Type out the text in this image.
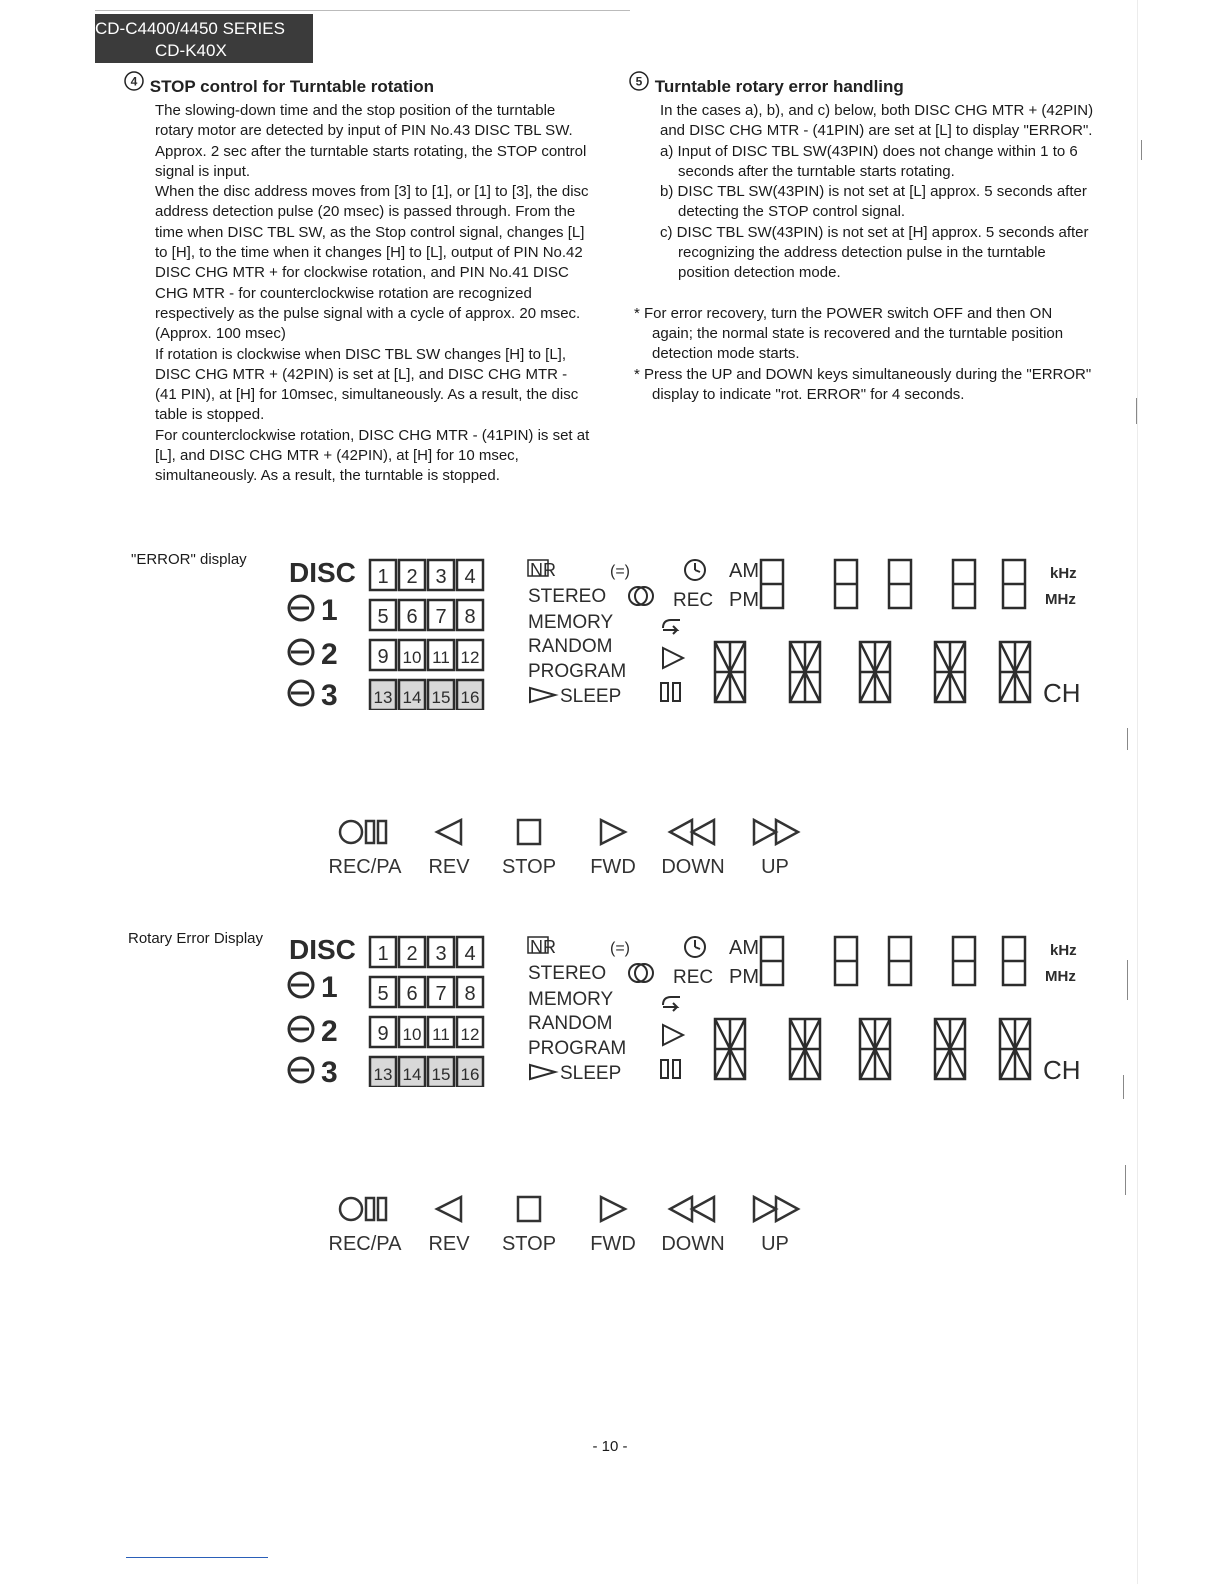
CD-C4400/4450 SERIES
CD-K40X
4 STOP control for Turntable rotation

The slowing-down time and the stop position of the turntable rotary motor are detected by input of PIN No.43 DISC TBL SW. Approx. 2 sec after the turntable starts rotating, the STOP control signal is input.

When the disc address moves from [3] to [1], or [1] to [3], the disc address detection pulse (20 msec) is passed through. From the time when DISC TBL SW, as the Stop control signal, changes [L] to [H], to the time when it changes [H] to [L], output of PIN No.42 DISC CHG MTR + for clockwise rotation, and PIN No.41 DISC CHG MTR - for counterclockwise rotation are recognized respectively as the pulse signal with a cycle of approx. 20 msec. (Approx. 100 msec)

If rotation is clockwise when DISC TBL SW changes [H] to [L], DISC CHG MTR + (42PIN) is set at [L], and DISC CHG MTR - (41 PIN), at [H] for 10msec, simultaneously. As a result, the disc table is stopped.

For counterclockwise rotation, DISC CHG MTR - (41PIN) is set at [L], and DISC CHG MTR + (42PIN), at [H] for 10 msec, simultaneously. As a result, the turntable is stopped.

5 Turntable rotary error handling

In the cases a), b), and c) below, both DISC CHG MTR + (42PIN) and DISC CHG MTR - (41PIN) are set at [L] to display "ERROR".

a) Input of DISC TBL SW(43PIN) does not change within 1 to 6 seconds after the turntable starts rotating.

b) DISC TBL SW(43PIN) is not set at [L] approx. 5 seconds after detecting the STOP control signal.

c) DISC TBL SW(43PIN) is not set at [H] approx. 5 seconds after recognizing the address detection pulse in the turntable position detection mode.

* For error recovery, turn the POWER switch OFF and then ON again; the normal state is recovered and the turntable position detection mode starts.

* Press the UP and DOWN keys simultaneously during the "ERROR" display to indicate "rot. ERROR" for 4 seconds.

"ERROR" display DISC
1
2
3
1 2 3 4
5 6 7 8
9 10 11 12
13 14 15 16
NR	(=)
STEREO
MEMORY
RANDOM
PROGRAM
SLEEP
AM
REC PM
kHz
MHz
CH
REC/PA	REV	STOP	FWD	DOWN	UP
Rotary Error Display DISC
1
2
3
1 2 3 4
5 6 7 8
9 10 11 12
13 14 15 16
NR	(=)
STEREO
MEMORY
RANDOM
PROGRAM
SLEEP
AM
REC PM
kHz
MHz
CH
REC/PA	REV	STOP	FWD	DOWN	UP
- 10 -
